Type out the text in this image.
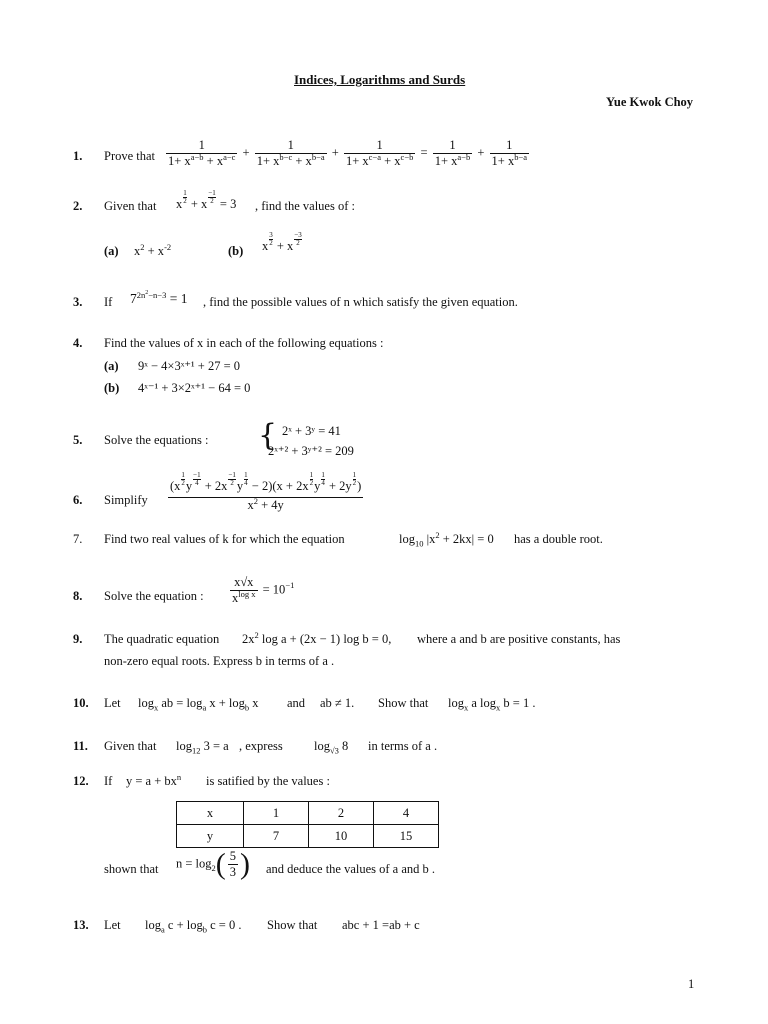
Indices, Logarithms and Surds
Yue Kwok Choy
1. Prove that $\frac{1}{1+ x^{a-b} + x^{a-c}} + \frac{1}{1+ x^{b-c} + x^{b-a}} + \frac{1}{1+ x^{c-a} + x^{c-b}} = \frac{1}{1+ x^{a-b}} + \frac{1}{1+ x^{b-a}}$
2. Given that x $\frac{1}{2} + x \frac{-1}{2} = 3$ , find the values of :
(a) $x^2 + x^{-2}$	(b) x $\frac{3}{2} + x \frac{-3}{2}$
3. If $7^{2n^2-n-3} = 1$ , find the possible values of n which satisfy the given equation.
4. Find the values of x in each of the following equations :
(a) 9ˣ − 4×3ˣ⁺¹ + 27 = 0
(b) 4ˣ⁻¹ + 3×2ˣ⁺¹ − 64 = 0
5. Solve the equations : { 2ˣ + 3ʸ = 41
2ˣ⁺² + 3ʸ⁺² = 209
6. Simplify $\frac{(x \frac{1}{2} y \frac{-1}{4} + 2x \frac{-1}{2} y \frac{1}{4} - 2)(x + 2x \frac{1}{2} y \frac{1}{4} + 2y \frac{1}{2} )}{x^2 + 4y}$
7. Find two real values of k for which the equation	$\log_{10} |x^2 + 2kx| = 0$ has a double root.
8. Solve the equation : $\frac{x√x}{x^{log x}} = 10^{-1}$
9. The quadratic equation $2x^2$ log a + (2x − 1) log b = 0, where a and b are positive constants, has
non-zero equal roots. Express b in terms of a .
10. Let $\log_x$ ab = $\log_a x + \log_b x$ and ab ≠ 1. Show that $\log_x a$ $\log_x b = 1$ .
11. Given that $\log_{12} 3 = a$ , express	$\log_{√3} 8$ in terms of a .
12. If $y = a + bx^n$ is satified by the values :
x	1	2	4
y	7	10	15
shown that $n = \log_2( \frac{5}{3}$ ) and deduce the values of a and b .
13. Let $\log_a c + \log_b c = 0$ . Show that abc + 1 =ab + c
1
